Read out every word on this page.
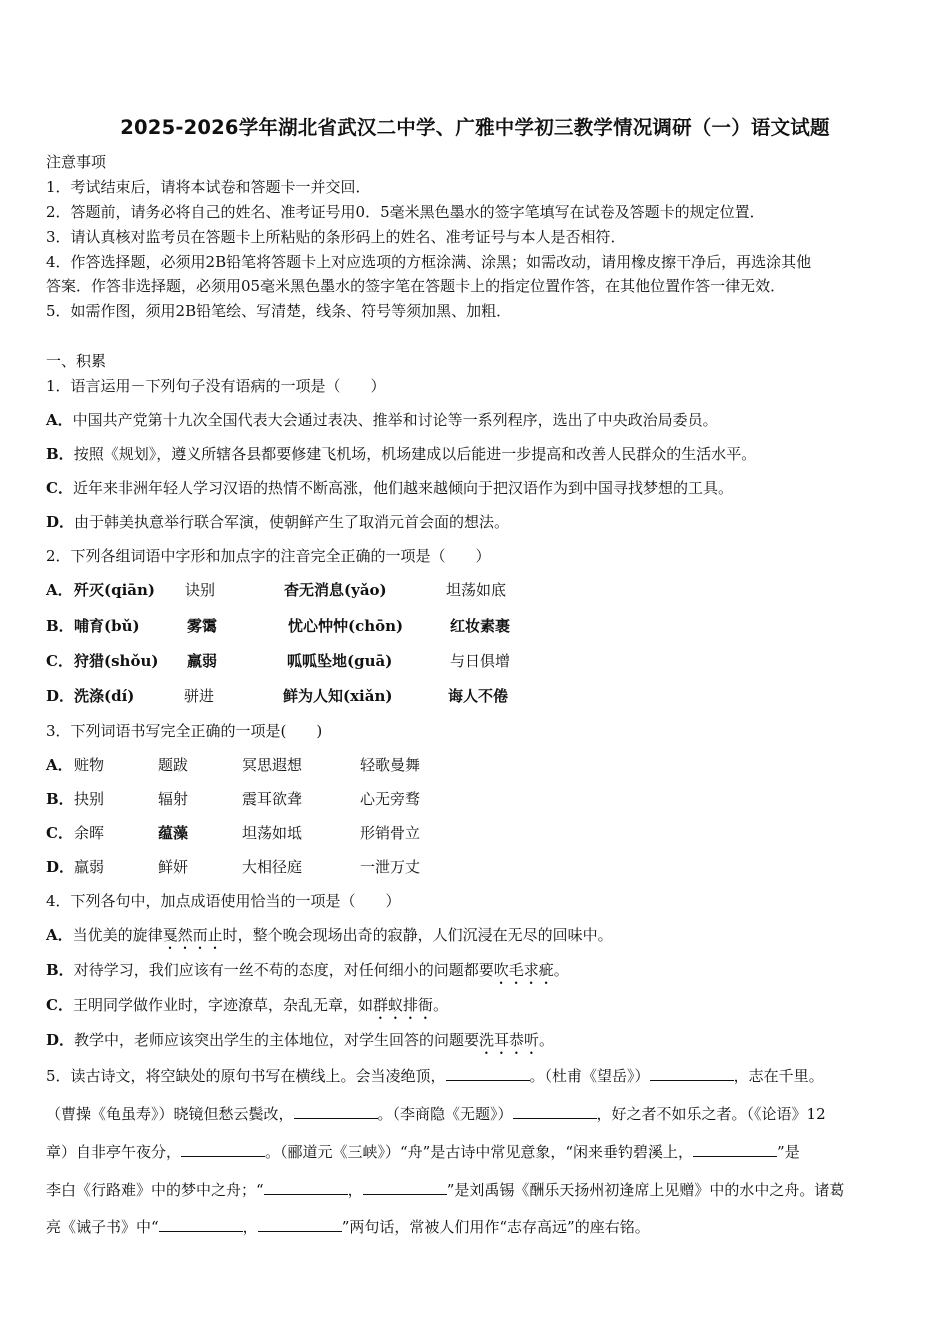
2025-2026学年湖北省武汉二中学、广雅中学初三教学情况调研（一）语文试题
注意事项
1．考试结束后，请将本试卷和答题卡一并交回．
2．答题前，请务必将自己的姓名、准考证号用0．5毫米黑色墨水的签字笔填写在试卷及答题卡的规定位置．
3．请认真核对监考员在答题卡上所粘贴的条形码上的姓名、准考证号与本人是否相符．
4．作答选择题，必须用2B铅笔将答题卡上对应选项的方框涂满、涂黑；如需改动，请用橡皮擦干净后，再选涂其他
答案．作答非选择题，必须用05毫米黑色墨水的签字笔在答题卡上的指定位置作答，在其他位置作答一律无效．
5．如需作图，须用2B铅笔绘、写清楚，线条、符号等须加黑、加粗．
一、积累
1．语言运用－下列句子没有语病的一项是（　　）
A．中国共产党第十九次全国代表大会通过表决、推举和讨论等一系列程序，选出了中央政治局委员。
B．按照《规划》，遵义所辖各县都要修建飞机场，机场建成以后能进一步提高和改善人民群众的生活水平。
C．近年来非洲年轻人学习汉语的热情不断高涨，他们越来越倾向于把汉语作为到中国寻找梦想的工具。
D．由于韩美执意举行联合军演，使朝鲜产生了取消元首会面的想法。
2．下列各组词语中字形和加点字的注音完全正确的一项是（　　）
A． 歼灭(qiān) 诀别	杳无消息(yǎo)	坦荡如底
B． 哺育(bǔ)	雾霭	忧心忡忡(chōn)	红妆素裹
C． 狩猎(shǒu) 羸弱	呱呱坠地(guā)	与日俱增
D． 洗涤(dí)	骈进	鲜为人知(xiǎn)	诲人不倦
3．下列词语书写完全正确的一项是(　　)
A． 赃物	题跋	冥思遐想	轻歌曼舞
B． 抉别	辐射	震耳欲聋	心无旁骛
C． 余晖	蕴藻	坦荡如坻	形销骨立
D． 羸弱	鲜妍	大相径庭	一泄万丈
4．下列各句中，加点成语使用恰当的一项是（　　）
A．当优美的旋律戛然而止时，整个晚会现场出奇的寂静，人们沉浸在无尽的回味中。
B．对待学习，我们应该有一丝不苟的态度，对任何细小的问题都要吹毛求疵。
C．王明同学做作业时，字迹潦草，杂乱无章，如群蚁排衙。
D．教学中，老师应该突出学生的主体地位，对学生回答的问题要洗耳恭听。
5．读古诗文，将空缺处的原句书写在横线上。会当凌绝顶，	。（杜甫《望岳》）	，志在千里。
（曹操《龟虽寿》）晓镜但愁云鬓改，	。（李商隐《无题》）	，好之者不如乐之者。（《论语》12
章）自非亭午夜分，	。（郦道元《三峡》）“舟”是古诗中常见意象，“闲来垂钓碧溪上，	”是
李白《行路难》中的梦中之舟；“	，	”是刘禹锡《酬乐天扬州初逢席上见赠》中的水中之舟。诸葛
亮《诫子书》中“	，	”两句话，常被人们用作“志存高远”的座右铭。
